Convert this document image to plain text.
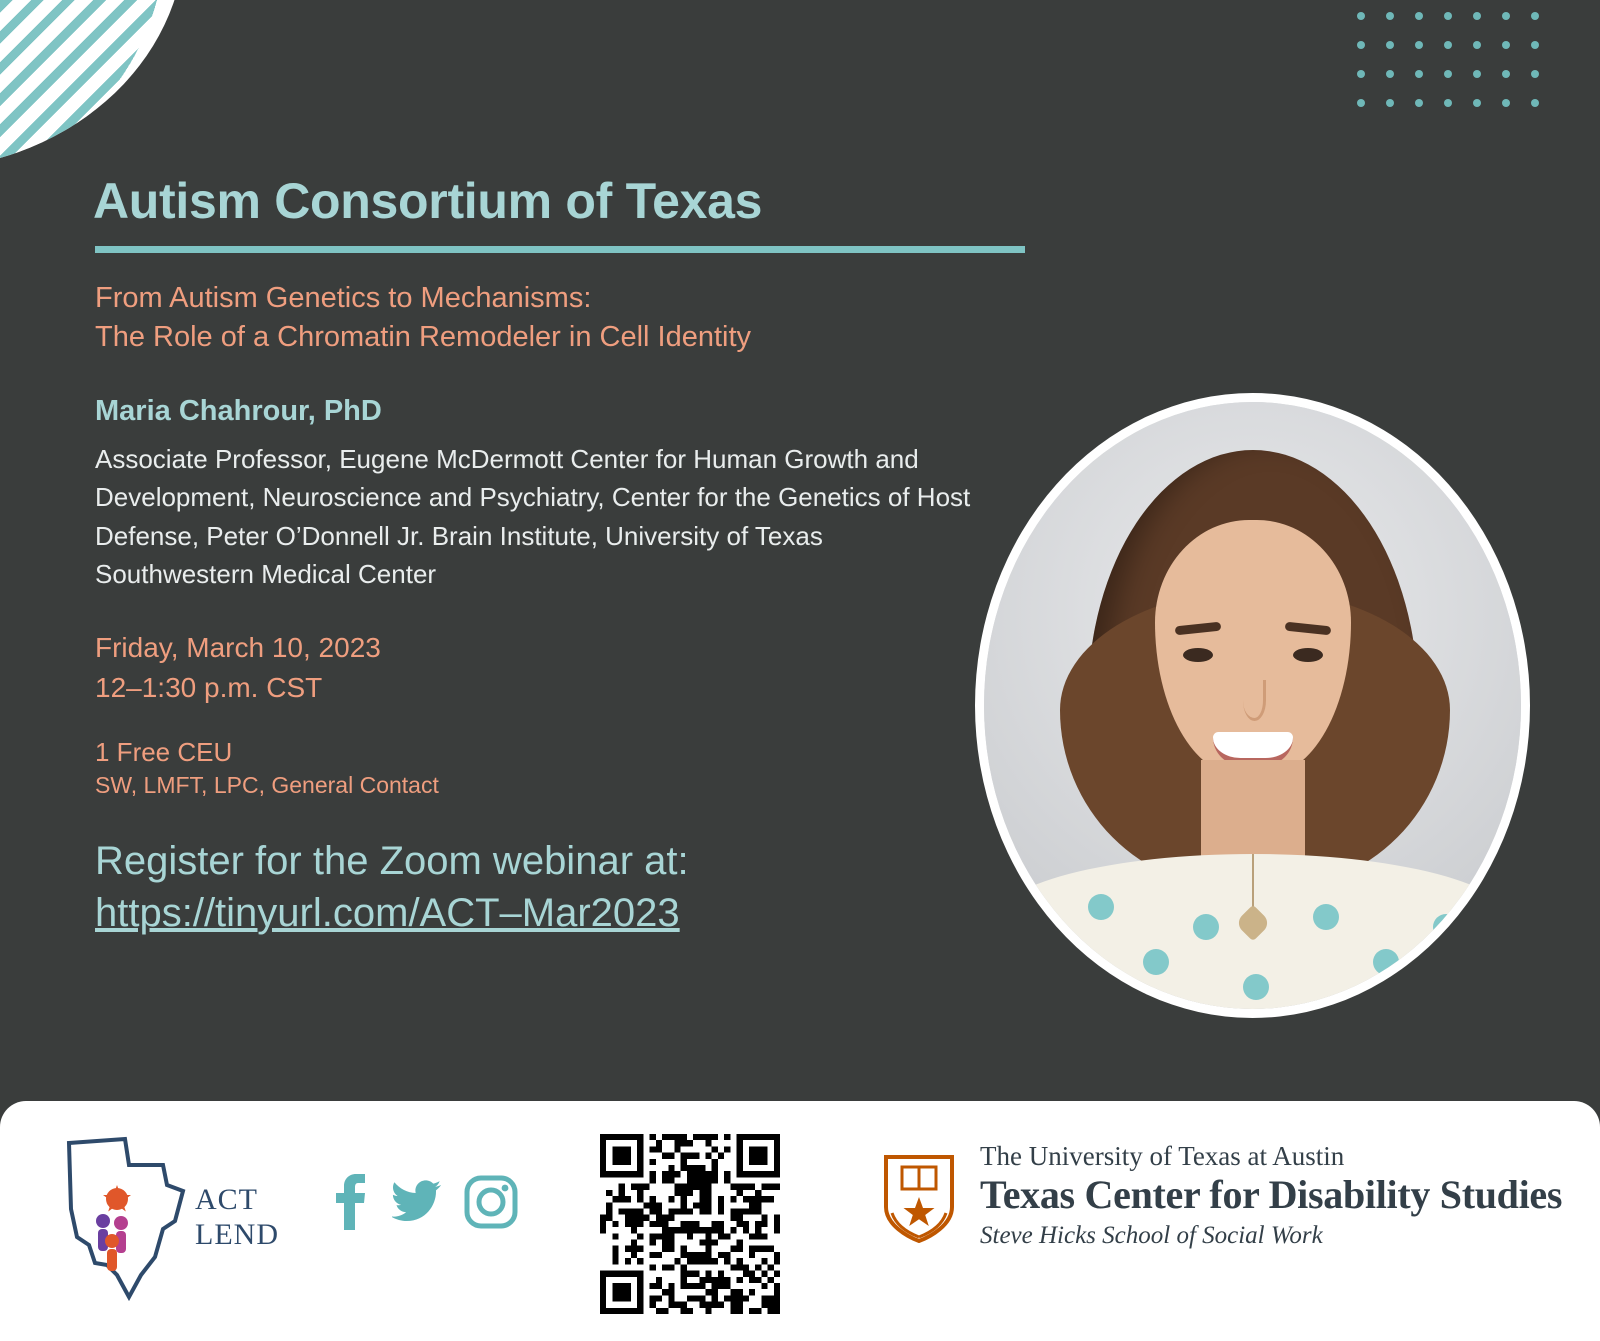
Autism Consortium of Texas
From Autism Genetics to Mechanisms:
The Role of a Chromatin Remodeler in Cell Identity
Maria Chahrour, PhD
Associate Professor, Eugene McDermott Center for Human Growth and Development, Neuroscience and Psychiatry, Center for the Genetics of Host Defense, Peter O’Donnell Jr. Brain Institute, University of Texas Southwestern Medical Center
Friday, March 10, 2023
12–1:30 p.m. CST
1 Free CEU
SW, LMFT, LPC, General Contact
Register for the Zoom webinar at:
https://tinyurl.com/ACT–Mar2023
ACT
LEND
The University of Texas at Austin
Texas Center for Disability Studies
Steve Hicks School of Social Work
